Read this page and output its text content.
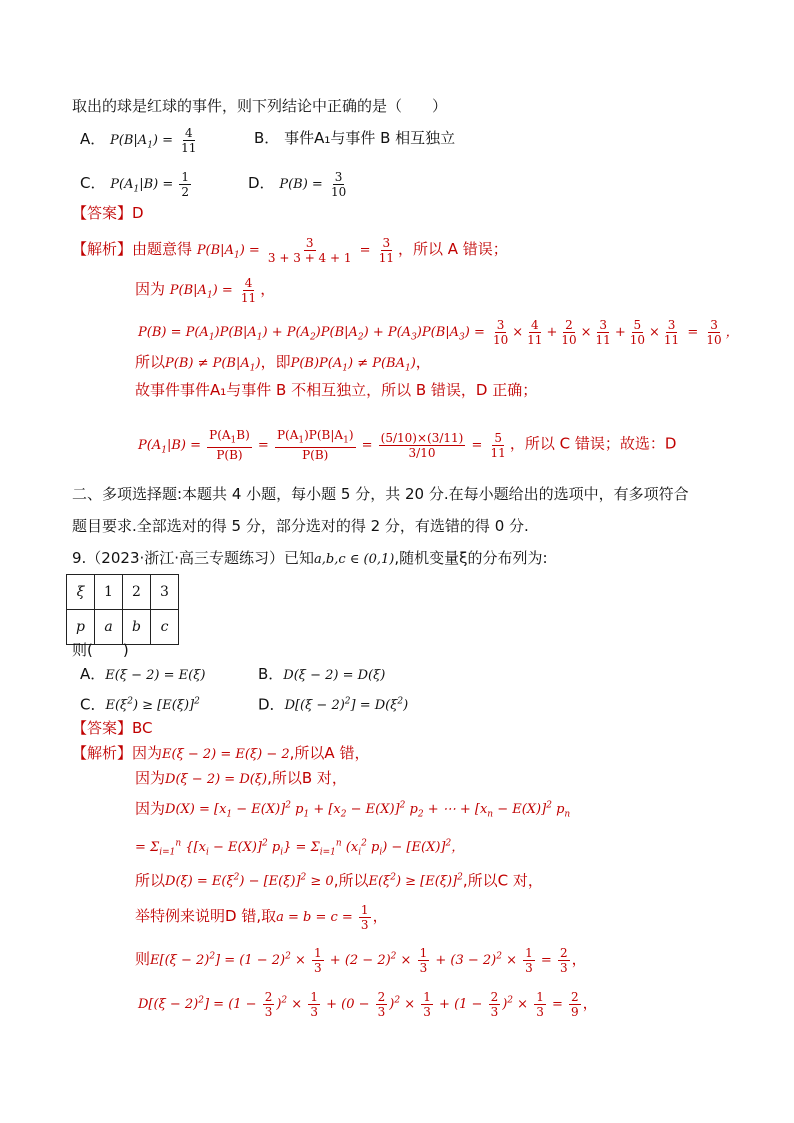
取出的球是红球的事件，则下列结论中正确的是（　　）
A． $P(B|A_1) = \frac{4}{11}$	B． 事件A₁与事件 B 相互独立
C． $P(A_1|B) = \frac{1}{2}$	D． $P(B) = \frac{3}{10}$
【答案】D
【解析】由题意得 $P(B|A_1) = \frac{3}{3 + 3 + 4 + 1} = \frac{3}{11}$ ，所以 A 错误；
因为 $P(B|A_1) = \frac{4}{11}$ ，
$P(B) = P(A_1)P(B|A_1) + P(A_2)P(B|A_2) + P(A_3)P(B|A_3) = \frac{3}{10} \times \frac{4}{11} + \frac{2}{10} \times \frac{3}{11} + \frac{5}{10} \times \frac{3}{11} = \frac{3}{10}$ ，
所以$P(B) \ne P(B|A_1)$，即$P(B)P(A_1) \ne P(BA_1)$，
故事件事件A₁与事件 B 不相互独立，所以 B 错误，D 正确；
$P(A_1|B) = \frac{P(A_1B)}{P(B)} = \frac{P(A_1)P(B|A_1)}{P(B)} = \frac{(5/10)\times(3/11)}{3/10} = \frac{5}{11}$ ，所以 C 错误；故选：D
二、多项选择题:本题共 4 小题，每小题 5 分，共 20 分.在每小题给出的选项中，有多项符合
题目要求.全部选对的得 5 分，部分选对的得 2 分，有选错的得 0 分.
9.（2023·浙江·高三专题练习）已知a,b,c ∈ (0,1),随机变量ξ的分布列为:
ξ	1	2	3
p	a	b	c
则(　　)
A．E(ξ − 2) = E(ξ)	B．D(ξ − 2) = D(ξ)
C．$E(\xi^2) \ge [E(\xi)]^2$	D．$D[(\xi - 2)^2] = D(\xi^2)$
【答案】BC
【解析】因为E(ξ − 2) = E(ξ) − 2,所以A 错，
因为D(ξ − 2) = D(ξ),所以B 对，
因为$D(X) = [x_1 - E(X)]^2$ $p_1 + [x_2 - E(X)]^2$ $p_2$ + ⋯ + $[x_n - E(X)]^2$ $p_n$
= $\Sigma_{i=1}^n$ {$[x_i - E(X)]^2$ $p_i\} = \Sigma_{i=1}^n$ ($x_i^2$ $p_i) - [E(X)]^2$，
所以$D(\xi) = E(\xi^2) - [E(\xi)]^2 \ge 0$,所以$E(\xi^2) \ge [E(\xi)]^2$,所以C 对，
举特例来说明D 错,取$a = b = c = \frac{1}{3}$ ，
则$E[(\xi - 2)^2] = (1 - 2)^2 \times \frac{1}{3} + (2 - 2)^2 \times \frac{1}{3} + (3 - 2)^2 \times \frac{1}{3} = \frac{2}{3}$ ，
$D[(\xi - 2)^2] = (1 - \frac{2}{3} )^2 \times \frac{1}{3} + (0 - \frac{2}{3} )^2 \times \frac{1}{3} + (1 - \frac{2}{3} )^2 \times \frac{1}{3} = \frac{2}{9}$ ，
